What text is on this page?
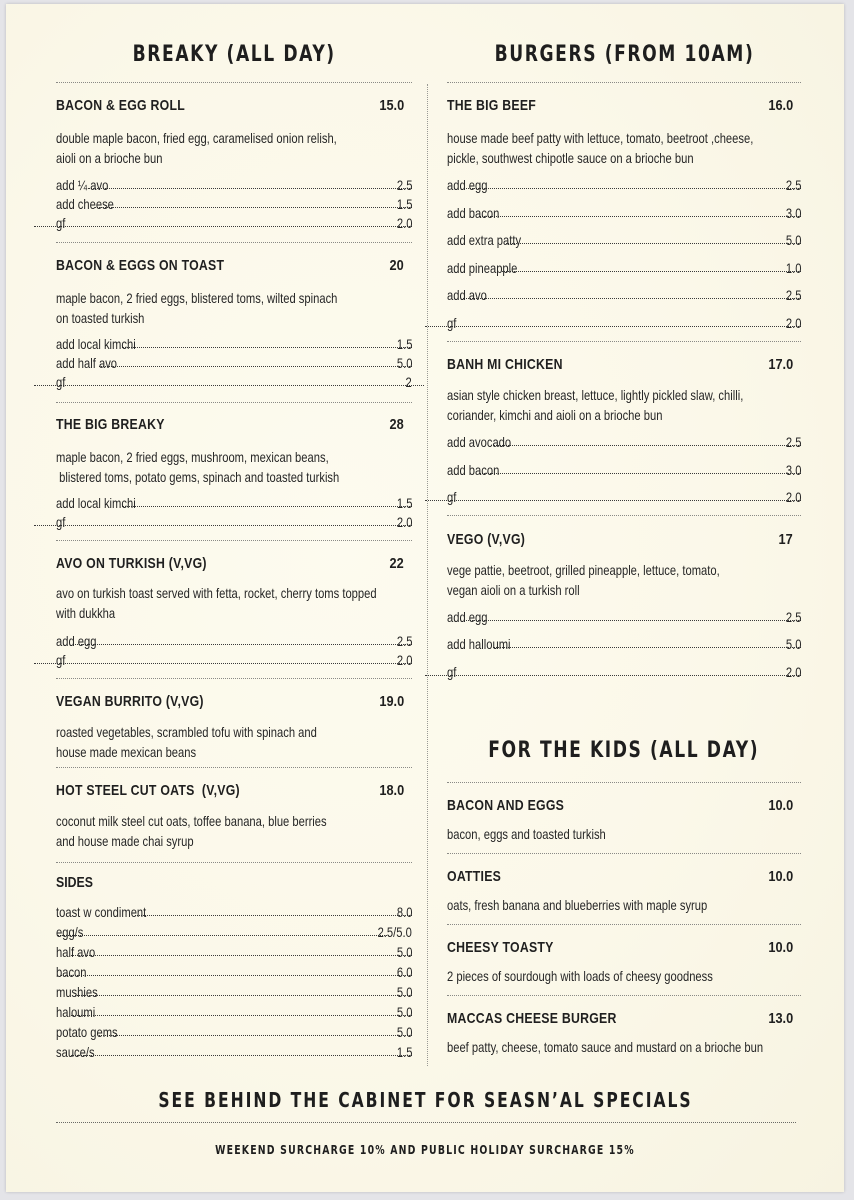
BREAKY (ALL DAY)
BACON & EGG ROLL	15.0
double maple bacon, fried egg, caramelised onion relish,
aioli on a brioche bun
add ¼ avo	2.5
add cheese	1.5
gf	2.0
BACON & EGGS ON TOAST	20
maple bacon, 2 fried eggs, blistered toms, wilted spinach
on toasted turkish
add local kimchi	1.5
add half avo	5.0
gf	2
THE BIG BREAKY	28
maple bacon, 2 fried eggs, mushroom, mexican beans,
blistered toms, potato gems, spinach and toasted turkish
add local kimchi	1.5
gf	2.0
AVO ON TURKISH (V,VG)	22
avo on turkish toast served with fetta, rocket, cherry toms topped
with dukkha
add egg	2.5
gf	2.0
VEGAN BURRITO (V,VG)	19.0
roasted vegetables, scrambled tofu with spinach and
house made mexican beans
HOT STEEL CUT OATS  (V,VG)	18.0
coconut milk steel cut oats, toffee banana, blue berries
and house made chai syrup
SIDES
toast w condiment	8.0
egg/s	2.5/5.0
half avo	5.0
bacon	6.0
mushies	5.0
haloumi	5.0
potato gems	5.0
sauce/s	1.5
BURGERS (FROM 10AM)
THE BIG BEEF	16.0
house made beef patty with lettuce, tomato, beetroot ,cheese,
pickle, southwest chipotle sauce on a brioche bun
add egg	2.5
add bacon	3.0
add extra patty	5.0
add pineapple	1.0
add avo	2.5
gf	2.0
BANH MI CHICKEN	17.0
asian style chicken breast, lettuce, lightly pickled slaw, chilli,
coriander, kimchi and aioli on a brioche bun
add avocado	2.5
add bacon	3.0
gf	2.0
VEGO (V,VG)	17
vege pattie, beetroot, grilled pineapple, lettuce, tomato,
vegan aioli on a turkish roll
add egg	2.5
add halloumi	5.0
gf	2.0
FOR THE KIDS (ALL DAY)
BACON AND EGGS	10.0
bacon, eggs and toasted turkish
OATTIES	10.0
oats, fresh banana and blueberries with maple syrup
CHEESY TOASTY	10.0
2 pieces of sourdough with loads of cheesy goodness
MACCAS CHEESE BURGER	13.0
beef patty, cheese, tomato sauce and mustard on a brioche bun
SEE BEHIND THE CABINET FOR SEASN’AL SPECIALS
WEEKEND SURCHARGE 10% AND PUBLIC HOLIDAY SURCHARGE 15%
